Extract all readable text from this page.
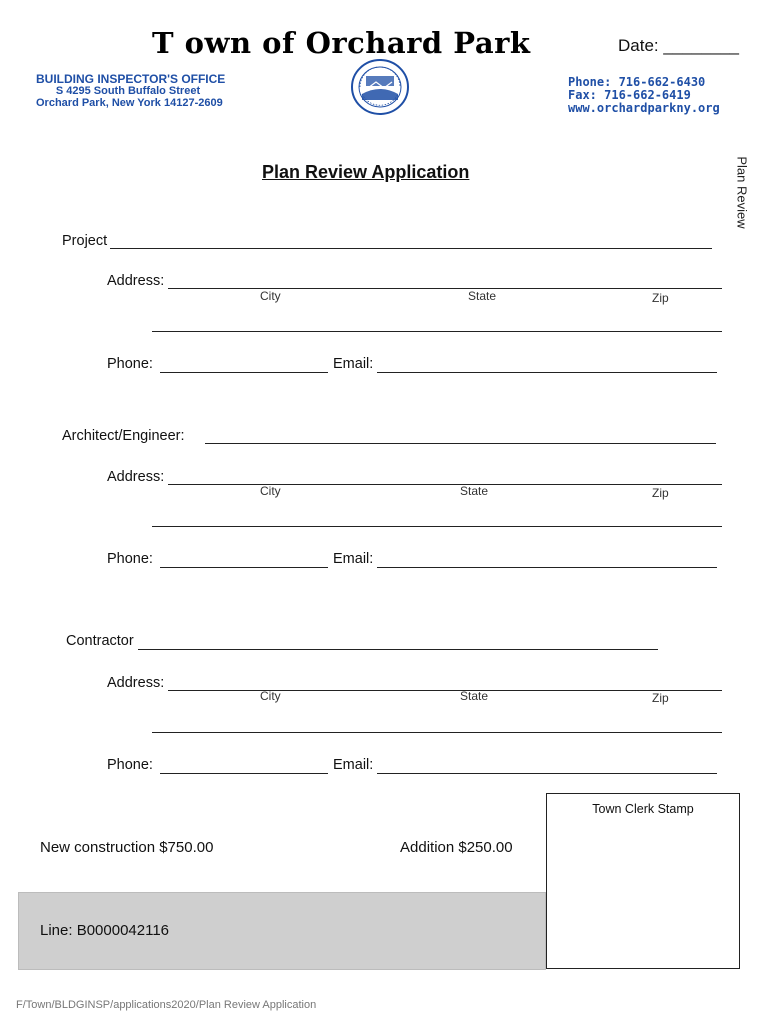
T own of Orchard Park	Date: ________
BUILDING INSPECTOR'S OFFICE
S 4295 South Buffalo Street
Orchard Park, New York 14127-2609
Phone: 716-662-6430
Fax: 716-662-6419
www.orchardparkny.org
Plan Review
Plan Review Application
Project
Address:
City	State	Zip
Phone:	Email:
Architect/Engineer:
Address:
City	State	Zip
Phone:	Email:
Contractor
Address:
City	State	Zip
Phone:	Email:
New construction $750.00	Addition $250.00
Town Clerk Stamp
Line: B0000042116
F/Town/BLDGINSP/applications2020/Plan Review Application
